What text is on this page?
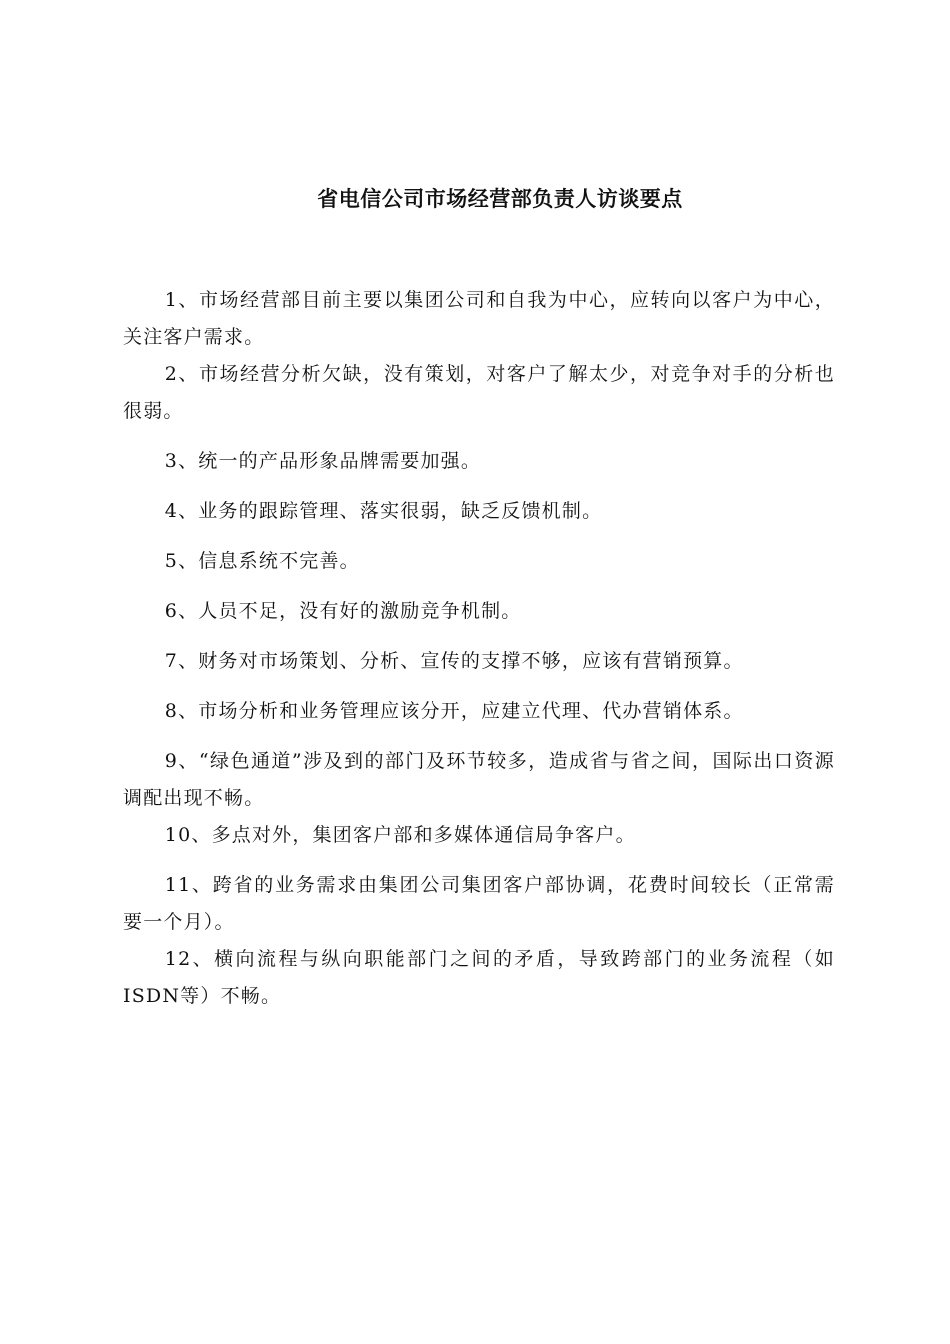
省电信公司市场经营部负责人访谈要点

1、市场经营部目前主要以集团公司和自我为中心，应转向以客户为中心，关注客户需求。

2、市场经营分析欠缺，没有策划，对客户了解太少，对竞争对手的分析也很弱。

3、统一的产品形象品牌需要加强。

4、业务的跟踪管理、落实很弱，缺乏反馈机制。

5、信息系统不完善。

6、人员不足，没有好的激励竞争机制。

7、财务对市场策划、分析、宣传的支撑不够，应该有营销预算。

8、市场分析和业务管理应该分开，应建立代理、代办营销体系。

9、“绿色通道”涉及到的部门及环节较多，造成省与省之间，国际出口资源调配出现不畅。

10、多点对外，集团客户部和多媒体通信局争客户。

11、跨省的业务需求由集团公司集团客户部协调，花费时间较长（正常需要一个月）。

12、横向流程与纵向职能部门之间的矛盾，导致跨部门的业务流程（如ISDN等）不畅。
